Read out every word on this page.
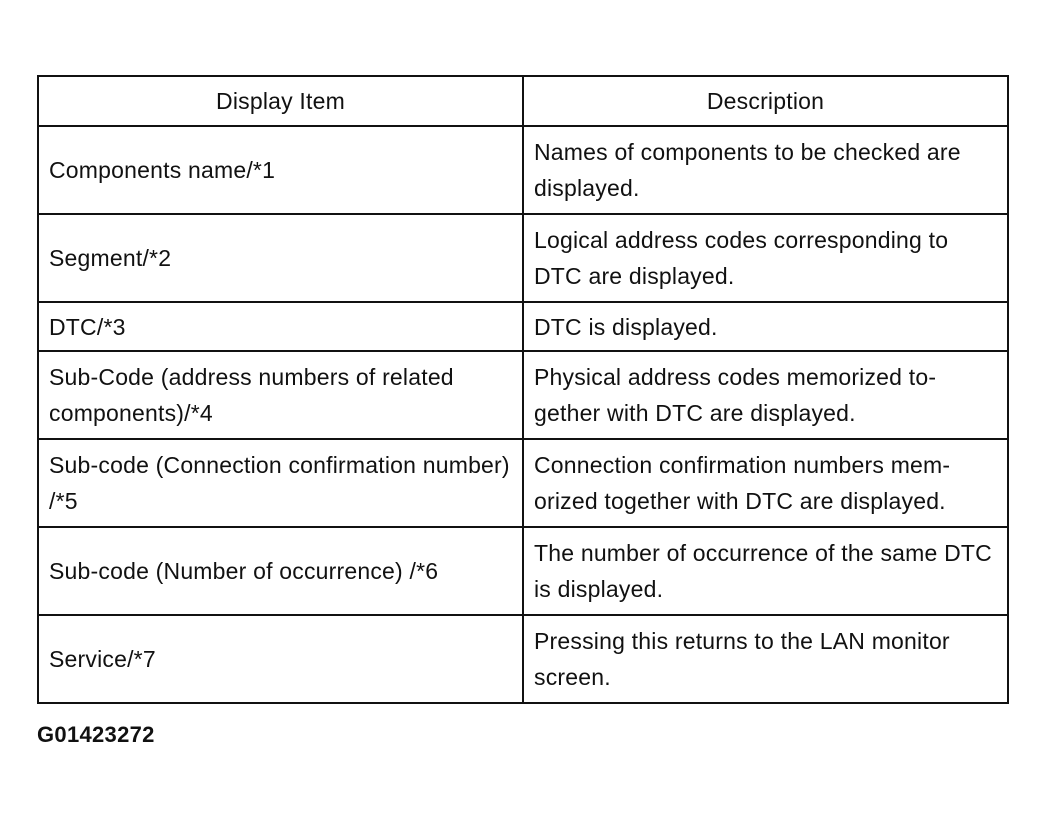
Display Item	Description
Components name/*1	Names of components to be checked are displayed.
Segment/*2	Logical address codes corresponding to DTC are displayed.
DTC/*3	DTC is displayed.
Sub-Code (address numbers of related components)/*4	Physical address codes memorized to-gether with DTC are displayed.
Sub-code (Connection confirmation number) /*5	Connection confirmation numbers mem-orized together with DTC are displayed.
Sub-code (Number of occurrence) /*6	The number of occurrence of the same DTC is displayed.
Service/*7	Pressing this returns to the LAN monitor screen.
G01423272
